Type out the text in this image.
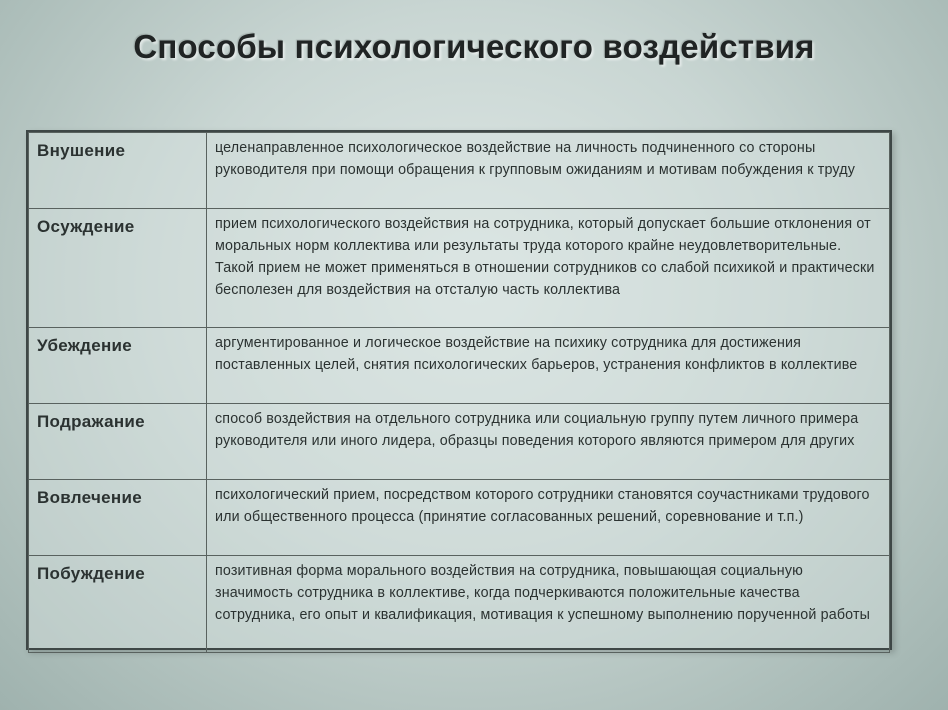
Способы психологического воздействия
Внушение	целенаправленное психологическое воздействие на личность подчиненного со стороны руководителя при помощи обращения к групповым ожиданиям и мотивам побуждения к труду
Осуждение	прием психологического воздействия на сотрудника, который допускает большие отклонения от моральных норм коллектива или результаты труда которого крайне неудовлетворительные. Такой прием не может применяться в отношении сотрудников со слабой психикой и практически бесполезен для воздействия на отсталую часть коллектива
Убеждение	аргументированное и логическое воздействие на психику сотрудника для достижения поставленных целей, снятия психологических барьеров, устранения конфликтов в коллективе
Подражание	способ воздействия на отдельного сотрудника или социальную группу путем личного примера руководителя или иного лидера, образцы поведения которого являются примером для других
Вовлечение	психологический прием, посредством которого сотрудники становятся соучастниками трудового или общественного процесса (принятие согласованных решений, соревнование и т.п.)
Побуждение	позитивная форма морального воздействия на сотрудника, повышающая социальную значимость сотрудника в коллективе, когда подчеркиваются положительные качества сотрудника, его опыт и квалификация, мотивация к успешному выполнению порученной работы
